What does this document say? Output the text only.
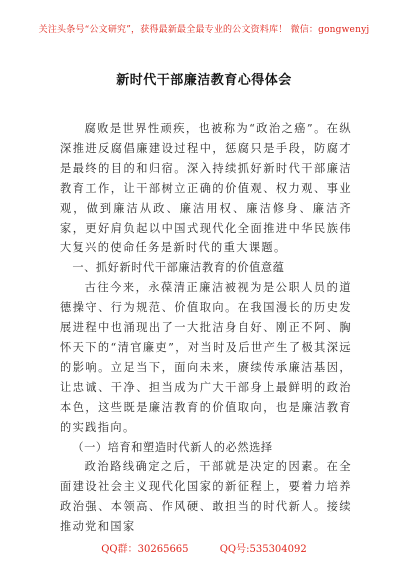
关注头条号“公文研究”，获得最新最全最专业的公文资料库！ 微信：gongwenyj
新时代干部廉洁教育心得体会

腐败是世界性顽疾，也被称为“政治之癌”。在纵深推进反腐倡廉建设过程中，惩腐只是手段，防腐才是最终的目的和归宿。深入持续抓好新时代干部廉洁教育工作，让干部树立正确的价值观、权力观、事业观，做到廉洁从政、廉洁用权、廉洁修身、廉洁齐家，更好肩负起以中国式现代化全面推进中华民族伟大复兴的使命任务是新时代的重大课题。

一、抓好新时代干部廉洁教育的价值意蕴

古往今来，永葆清正廉洁被视为是公职人员的道德操守、行为规范、价值取向。在我国漫长的历史发展进程中也涌现出了一大批洁身自好、刚正不阿、胸怀天下的“清官廉吏”，对当时及后世产生了极其深远的影响。立足当下，面向未来，赓续传承廉洁基因，让忠诚、干净、担当成为广大干部身上最鲜明的政治本色，这些既是廉洁教育的价值取向，也是廉洁教育的实践指向。

（一）培育和塑造时代新人的必然选择

政治路线确定之后，干部就是决定的因素。在全面建设社会主义现代化国家的新征程上，要着力培养政治强、本领高、作风硬、敢担当的时代新人。接续推动党和国家

QQ群：30265665	QQ号:535304092
